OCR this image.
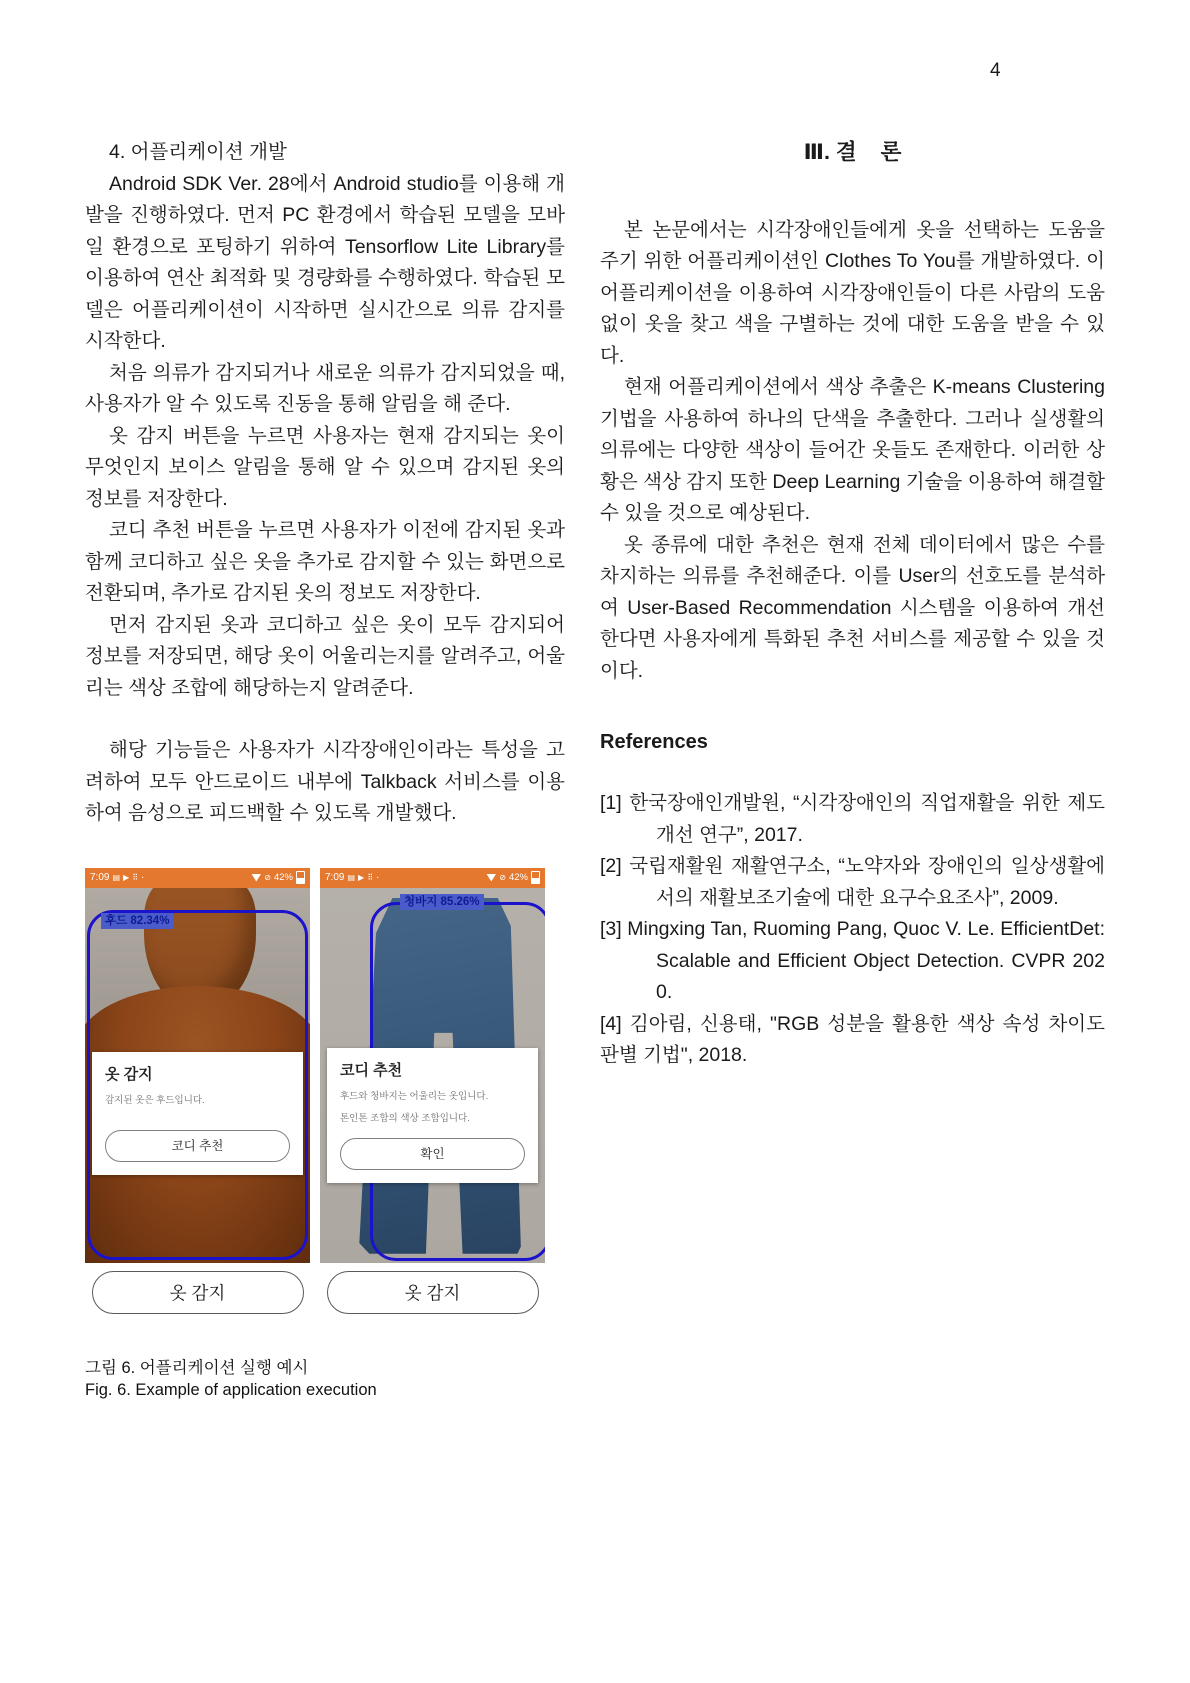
4

4. 어플리케이션 개발

Android SDK Ver. 28에서 Android studio를 이용해 개발을 진행하였다. 먼저 PC 환경에서 학습된 모델을 모바일 환경으로 포팅하기 위하여 Tensorflow Lite Library를 이용하여 연산 최적화 및 경량화를 수행하였다. 학습된 모델은 어플리케이션이 시작하면 실시간으로 의류 감지를 시작한다.

처음 의류가 감지되거나 새로운 의류가 감지되었을 때, 사용자가 알 수 있도록 진동을 통해 알림을 해 준다.

옷 감지 버튼을 누르면 사용자는 현재 감지되는 옷이 무엇인지 보이스 알림을 통해 알 수 있으며 감지된 옷의 정보를 저장한다.

코디 추천 버튼을 누르면 사용자가 이전에 감지된 옷과 함께 코디하고 싶은 옷을 추가로 감지할 수 있는 화면으로 전환되며, 추가로 감지된 옷의 정보도 저장한다.

먼저 감지된 옷과 코디하고 싶은 옷이 모두 감지되어 정보를 저장되면, 해당 옷이 어울리는지를 알려주고, 어울리는 색상 조합에 해당하는지 알려준다.

해당 기능들은 사용자가 시각장애인이라는 특성을 고려하여 모두 안드로이드 내부에 Talkback 서비스를 이용하여 음성으로 피드백할 수 있도록 개발했다.

7:09 ▤ ▶ ⠿ ·	⊘ 42%
후드 82.34%
옷 감지
감지된 옷은 후드입니다.
코디 추천
옷 감지
7:09 ▤ ▶ ⠿ ·	⊘ 42%
청바지 85.26%
코디 추천
후드와 청바지는 어울리는 옷입니다.
톤인톤 조합의 색상 조합입니다.
확인
옷 감지
그림 6. 어플리케이션 실행 예시
Fig. 6. Example of application execution
Ⅲ. 결    론

본 논문에서는 시각장애인들에게 옷을 선택하는 도움을 주기 위한 어플리케이션인 Clothes To You를 개발하였다. 이 어플리케이션을 이용하여 시각장애인들이 다른 사람의 도움 없이 옷을 찾고 색을 구별하는 것에 대한 도움을 받을 수 있다.

현재 어플리케이션에서 색상 추출은 K-means Clustering 기법을 사용하여 하나의 단색을 추출한다. 그러나 실생활의 의류에는 다양한 색상이 들어간 옷들도 존재한다. 이러한 상황은 색상 감지 또한 Deep Learning 기술을 이용하여 해결할 수 있을 것으로 예상된다.

옷 종류에 대한 추천은 현재 전체 데이터에서 많은 수를 차지하는 의류를 추천해준다. 이를 User의 선호도를 분석하여 User-Based Recommendation 시스템을 이용하여 개선한다면 사용자에게 특화된 추천 서비스를 제공할 수 있을 것이다.

References

[1] 한국장애인개발원, “시각장애인의 직업재활을 위한 제도 개선 연구”, 2017.

[2] 국립재활원 재활연구소, “노약자와 장애인의 일상생활에서의 재활보조기술에 대한 요구수요조사”, 2009.

[3] Mingxing Tan, Ruoming Pang, Quoc V. Le. EfficientDet: Scalable and Efficient Object Detection. CVPR 2020.

[4] 김아림, 신용태, "RGB 성분을 활용한 색상 속성 차이도 판별 기법", 2018.
